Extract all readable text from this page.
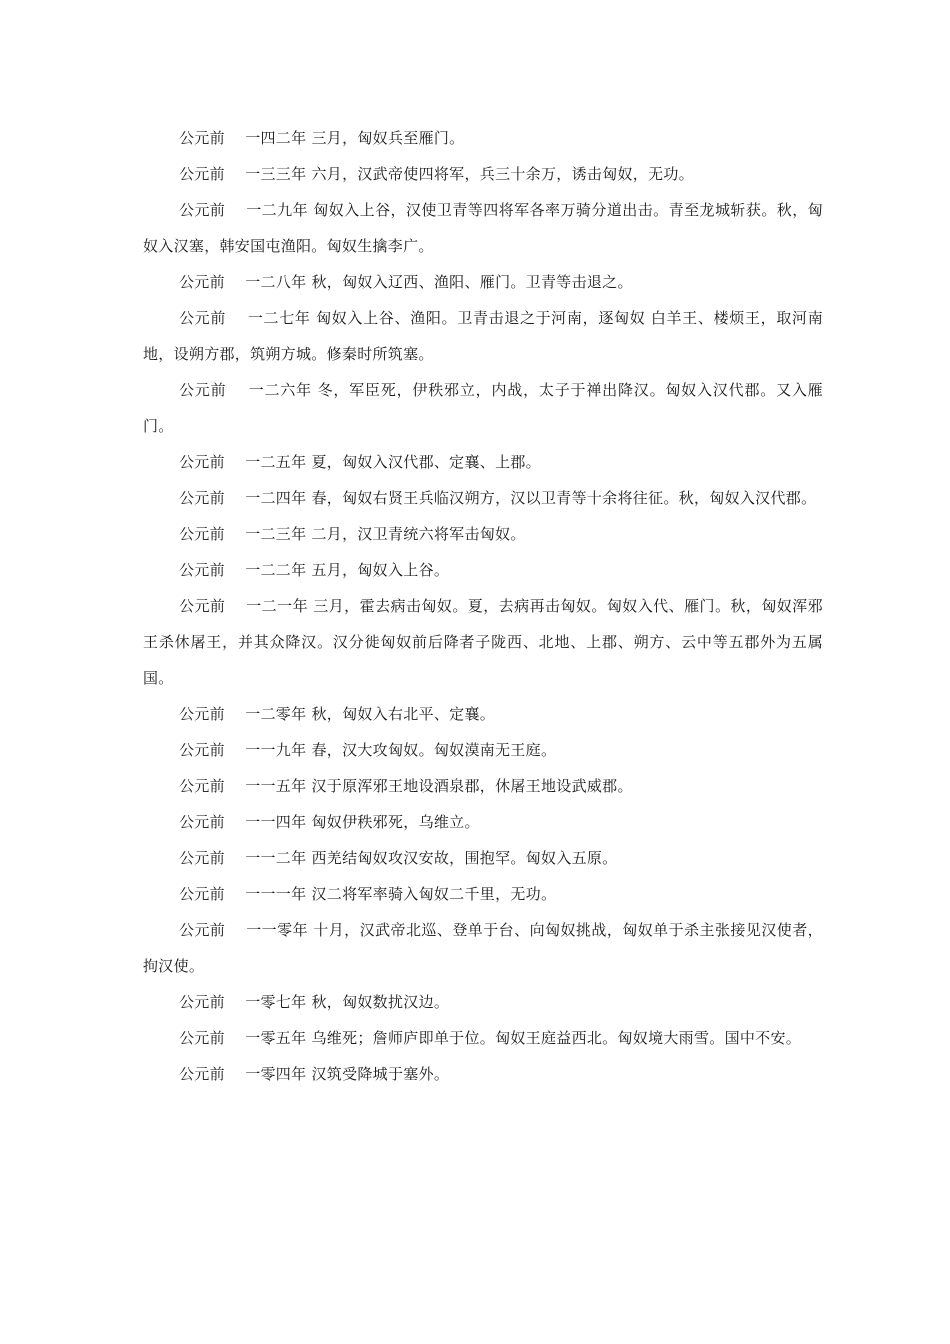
公元前 一四二年 三月，匈奴兵至雁门。

公元前 一三三年 六月，汉武帝使四将军，兵三十余万，诱击匈奴，无功。

公元前 一二九年 匈奴入上谷，汉使卫青等四将军各率万骑分道出击。青至龙城斩获。秋，匈奴入汉塞，韩安国屯渔阳。匈奴生擒李广。

公元前 一二八年 秋，匈奴入辽西、渔阳、雁门。卫青等击退之。

公元前 一二七年 匈奴入上谷、渔阳。卫青击退之于河南，逐匈奴 白羊王、楼烦王，取河南地，设朔方郡，筑朔方城。修秦时所筑塞。

公元前 一二六年 冬，军臣死，伊秩邪立，内战，太子于禅出降汉。匈奴入汉代郡。又入雁门。

公元前 一二五年 夏，匈奴入汉代郡、定襄、上郡。

公元前 一二四年 春，匈奴右贤王兵临汉朔方，汉以卫青等十余将往征。秋，匈奴入汉代郡。

公元前 一二三年 二月，汉卫青统六将军击匈奴。

公元前 一二二年 五月，匈奴入上谷。

公元前 一二一年 三月，霍去病击匈奴。夏，去病再击匈奴。匈奴入代、雁门。秋，匈奴浑邪王杀休屠王，并其众降汉。汉分徙匈奴前后降者子陇西、北地、上郡、朔方、云中等五郡外为五属国。

公元前 一二零年 秋，匈奴入右北平、定襄。

公元前 一一九年 春，汉大攻匈奴。匈奴漠南无王庭。

公元前 一一五年 汉于原浑邪王地设酒泉郡，休屠王地设武威郡。

公元前 一一四年 匈奴伊秩邪死，乌维立。

公元前 一一二年 西羌结匈奴攻汉安故，围抱罕。匈奴入五原。

公元前 一一一年 汉二将军率骑入匈奴二千里，无功。

公元前 一一零年 十月，汉武帝北巡、登单于台、向匈奴挑战，匈奴单于杀主张接见汉使者，拘汉使。

公元前 一零七年 秋，匈奴数扰汉边。

公元前 一零五年 乌维死；詹师庐即单于位。匈奴王庭益西北。匈奴境大雨雪。国中不安。

公元前 一零四年 汉筑受降城于塞外。
